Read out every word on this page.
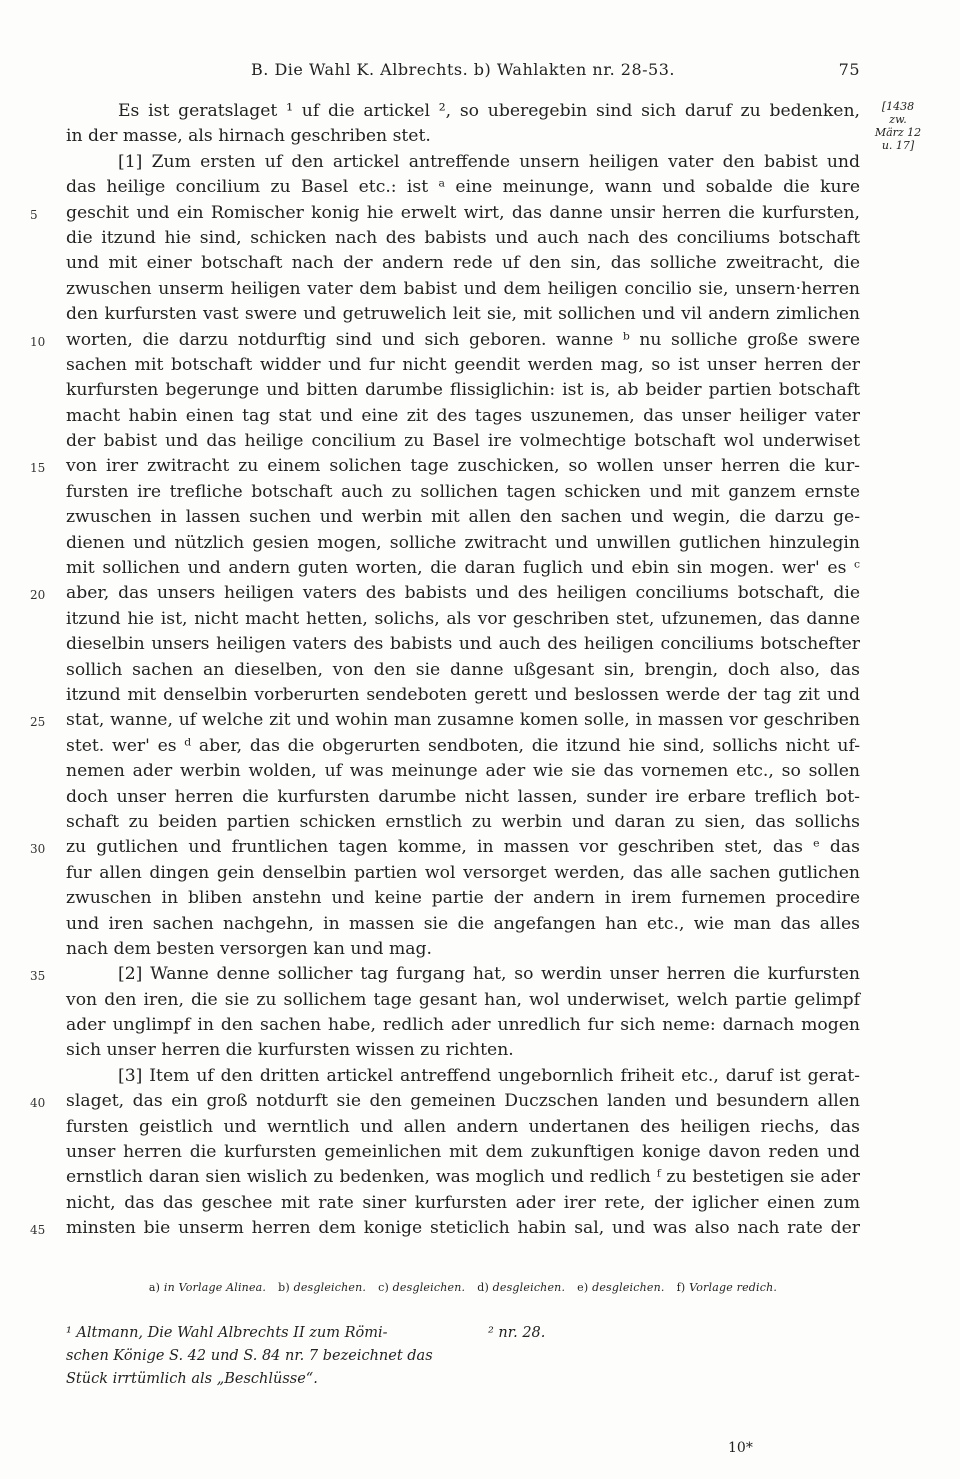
B. Die Wahl K. Albrechts. b) Wahlakten nr. 28-53.	75
[1438
zw.
März 12
u. 17]
Es ist geratslaget ¹ uf die artickel ², so uberegebin sind sich daruf zu bedenken,
in der masse, als hirnach geschriben stet.
[1] Zum ersten uf den artickel antreffende unsern heiligen vater den babist und
das heilige concilium zu Basel etc.: ist ᵃ eine meinunge, wann und sobalde die kure
5	geschit und ein Romischer konig hie erwelt wirt, das danne unsir herren die kurfursten,
die itzund hie sind, schicken nach des babists und auch nach des conciliums botschaft
und mit einer botschaft nach der andern rede uf den sin, das solliche zweitracht, die
zwuschen unserm heiligen vater dem babist und dem heiligen concilio sie, unsern·herren
den kurfursten vast swere und getruwelich leit sie, mit sollichen und vil andern zimlichen
10	worten, die darzu notdurftig sind und sich geboren. wanne ᵇ nu solliche große swere
sachen mit botschaft widder und fur nicht geendit werden mag, so ist unser herren der
kurfursten begerunge und bitten darumbe flissiglichin: ist is, ab beider partien botschaft
macht habin einen tag stat und eine zit des tages uszunemen, das unser heiliger vater
der babist und das heilige concilium zu Basel ire volmechtige botschaft wol underwiset
15	von irer zwitracht zu einem solichen tage zuschicken, so wollen unser herren die kur-
fursten ire trefliche botschaft auch zu sollichen tagen schicken und mit ganzem ernste
zwuschen in lassen suchen und werbin mit allen den sachen und wegin, die darzu ge-
dienen und nützlich gesien mogen, solliche zwitracht und unwillen gutlichen hinzulegin
mit sollichen und andern guten worten, die daran fuglich und ebin sin mogen. wer' es ᶜ
20	aber, das unsers heiligen vaters des babists und des heiligen conciliums botschaft, die
itzund hie ist, nicht macht hetten, solichs, als vor geschriben stet, ufzunemen, das danne
dieselbin unsers heiligen vaters des babists und auch des heiligen conciliums botschefter
sollich sachen an dieselben, von den sie danne ußgesant sin, brengin, doch also, das
itzund mit denselbin vorberurten sendeboten gerett und beslossen werde der tag zit und
25	stat, wanne, uf welche zit und wohin man zusamne komen solle, in massen vor geschriben
stet. wer' es ᵈ aber, das die obgerurten sendboten, die itzund hie sind, sollichs nicht uf-
nemen ader werbin wolden, uf was meinunge ader wie sie das vornemen etc., so sollen
doch unser herren die kurfursten darumbe nicht lassen, sunder ire erbare treflich bot-
schaft zu beiden partien schicken ernstlich zu werbin und daran zu sien, das sollichs
30	zu gutlichen und fruntlichen tagen komme, in massen vor geschriben stet, das ᵉ das
fur allen dingen gein denselbin partien wol versorget werden, das alle sachen gutlichen
zwuschen in bliben anstehn und keine partie der andern in irem furnemen procedire
und iren sachen nachgehn, in massen sie die angefangen han etc., wie man das alles
nach dem besten versorgen kan und mag.
35	[2] Wanne denne sollicher tag furgang hat, so werdin unser herren die kurfursten
von den iren, die sie zu sollichem tage gesant han, wol underwiset, welch partie gelimpf
ader unglimpf in den sachen habe, redlich ader unredlich fur sich neme: darnach mogen
sich unser herren die kurfursten wissen zu richten.
[3] Item uf den dritten artickel antreffend ungebornlich friheit etc., daruf ist gerat-
40	slaget, das ein groß notdurft sie den gemeinen Duczschen landen und besundern allen
fursten geistlich und werntlich und allen andern undertanen des heiligen riechs, das
unser herren die kurfursten gemeinlichen mit dem zukunftigen konige davon reden und
ernstlich daran sien wislich zu bedenken, was moglich und redlich ᶠ zu bestetigen sie ader
nicht, das das geschee mit rate siner kurfursten ader irer rete, der iglicher einen zum
45	minsten bie unserm herren dem konige steticlich habin sal, und was also nach rate der
a) in Vorlage Alinea. b) desgleichen. c) desgleichen. d) desgleichen. e) desgleichen. f) Vorlage redich.
¹ Altmann, Die Wahl Albrechts II zum Römi-
schen Könige S. 42 und S. 84 nr. 7 bezeichnet das
Stück irrtümlich als „Beschlüsse“.
² nr. 28.
10*
